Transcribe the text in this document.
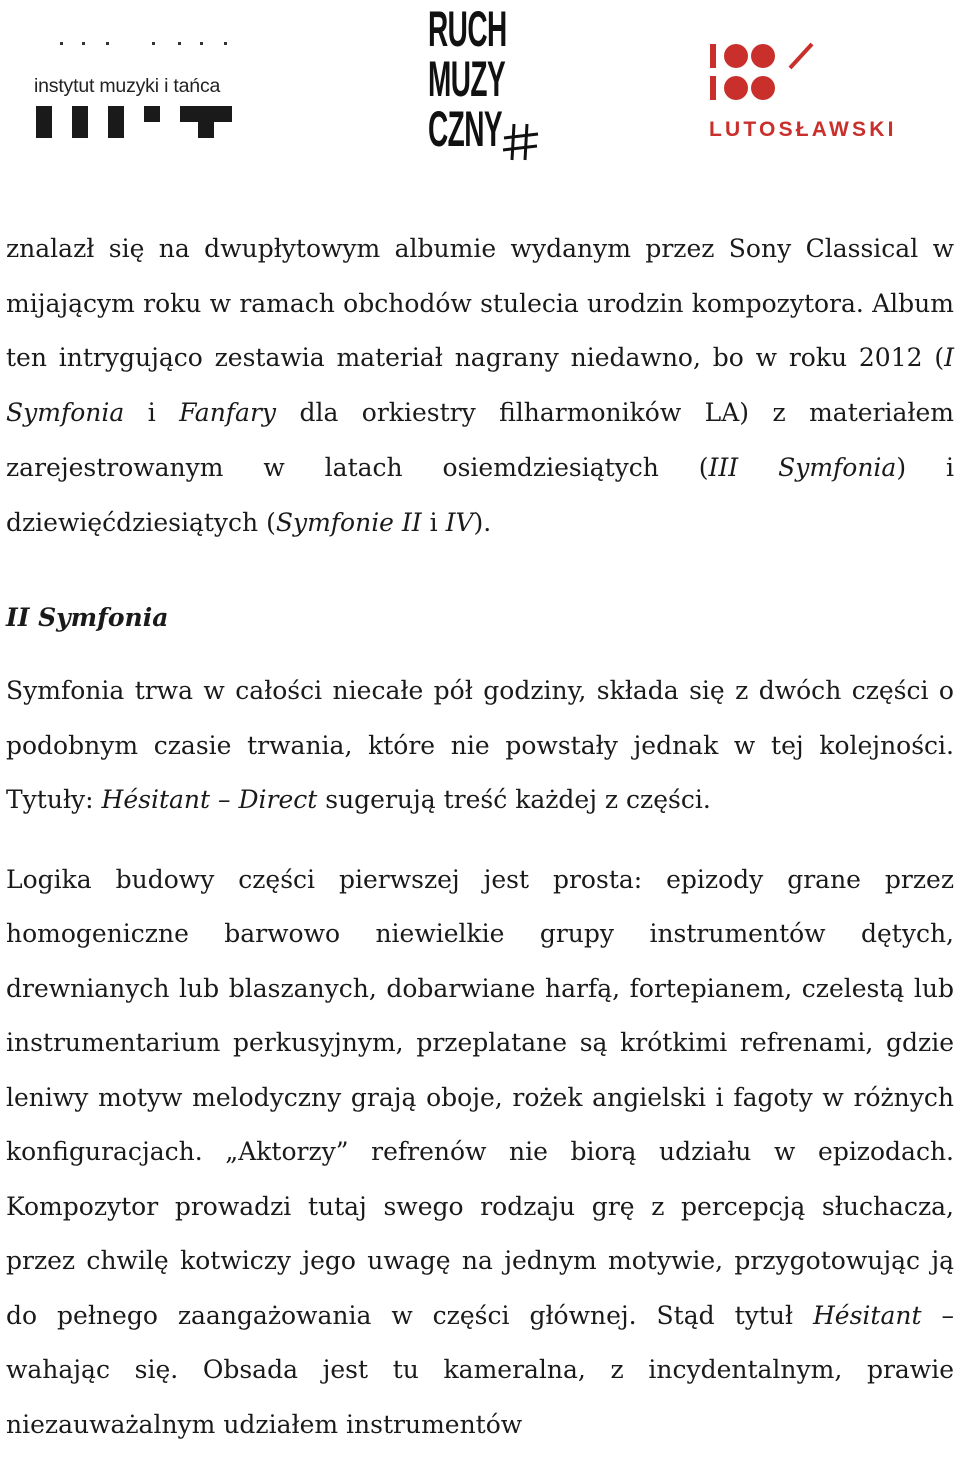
instytut muzyki i tańca
RUCH
MUZY
CZNY	LUTOSŁAWSKI

znalazł się na dwupłytowym albumie wydanym przez Sony Classical w mijającym roku w ramach obchodów stulecia urodzin kompozytora. Album ten intrygująco zestawia materiał nagrany niedawno, bo w roku 2012 (I Symfonia i Fanfary dla orkiestry filharmoników LA) z materiałem zarejestrowanym w latach osiemdziesiątych (III Symfonia) i dziewięćdziesiątych (Symfonie II i IV).

II Symfonia

Symfonia trwa w całości niecałe pół godziny, składa się z dwóch części o podobnym czasie trwania, które nie powstały jednak w tej kolejności. Tytuły: Hésitant – Direct sugerują treść każdej z części.

Logika budowy części pierwszej jest prosta: epizody grane przez homogeniczne barwowo niewielkie grupy instrumentów dętych, drewnianych lub blaszanych, dobarwiane harfą, fortepianem, czelestą lub instrumentarium perkusyjnym, przeplatane są krótkimi refrenami, gdzie leniwy motyw melodyczny grają oboje, rożek angielski i fagoty w różnych konfiguracjach. „Aktorzy” refrenów nie biorą udziału w epizodach. Kompozytor prowadzi tutaj swego rodzaju grę z percepcją słuchacza, przez chwilę kotwiczy jego uwagę na jednym motywie, przygotowując ją do pełnego zaangażowania w części głównej. Stąd tytuł Hésitant – wahając się. Obsada jest tu kameralna, z incydentalnym, prawie niezauważalnym udziałem instrumentów
